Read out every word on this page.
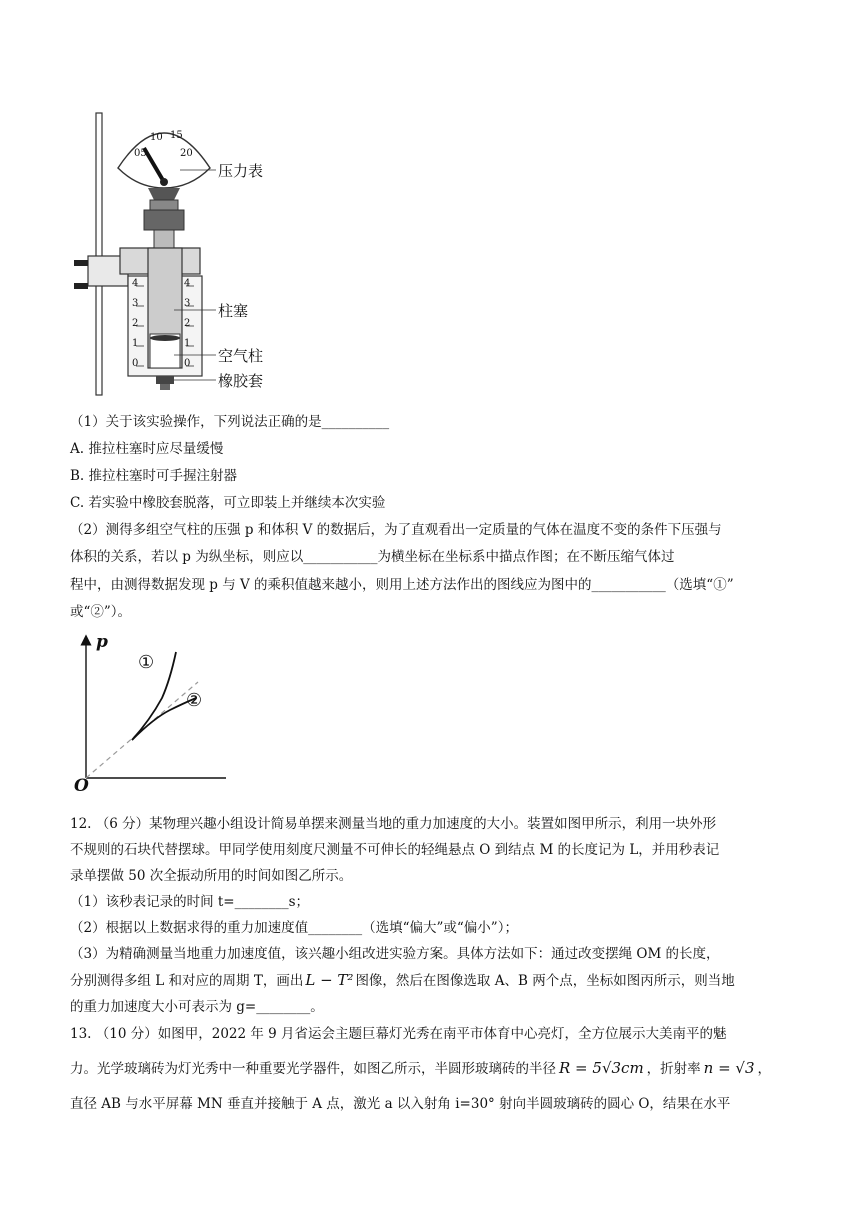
05
10 15
20
4
3
2
1
0
4
3
2
1
0
压力表
柱塞
空气柱
橡胶套
（1）关于该实验操作，下列说法正确的是__________
A. 推拉柱塞时应尽量缓慢
B. 推拉柱塞时可手握注射器
C. 若实验中橡胶套脱落，可立即装上并继续本次实验
（2）测得多组空气柱的压强 p 和体积 V 的数据后，为了直观看出一定质量的气体在温度不变的条件下压强与
体积的关系，若以 p 为纵坐标，则应以___________为横坐标在坐标系中描点作图；在不断压缩气体过
程中，由测得数据发现 p 与 V 的乘积值越来越小，则用上述方法作出的图线应为图中的___________（选填“①”
或“②”）。
p
O
①
②
12. （6 分）某物理兴趣小组设计简易单摆来测量当地的重力加速度的大小。装置如图甲所示，利用一块外形
不规则的石块代替摆球。甲同学使用刻度尺测量不可伸长的轻绳悬点 O 到结点 M 的长度记为 L，并用秒表记
录单摆做 50 次全振动所用的时间如图乙所示。
（1）该秒表记录的时间 t=________s；
（2）根据以上数据求得的重力加速度值________（选填“偏大”或“偏小”）；
（3）为精确测量当地重力加速度值，该兴趣小组改进实验方案。具体方法如下：通过改变摆绳 OM 的长度，
分别测得多组 L 和对应的周期 T，画出 L − T² 图像，然后在图像选取 A、B 两个点，坐标如图丙所示，则当地
的重力加速度大小可表示为 g=________。
13. （10 分）如图甲，2022 年 9 月省运会主题巨幕灯光秀在南平市体育中心亮灯，全方位展示大美南平的魅
力。光学玻璃砖为灯光秀中一种重要光学器件，如图乙所示，半圆形玻璃砖的半径 R = 5√3cm ，折射率 n = √3 ，
直径 AB 与水平屏幕 MN 垂直并接触于 A 点，激光 a 以入射角 i=30° 射向半圆玻璃砖的圆心 O，结果在水平
